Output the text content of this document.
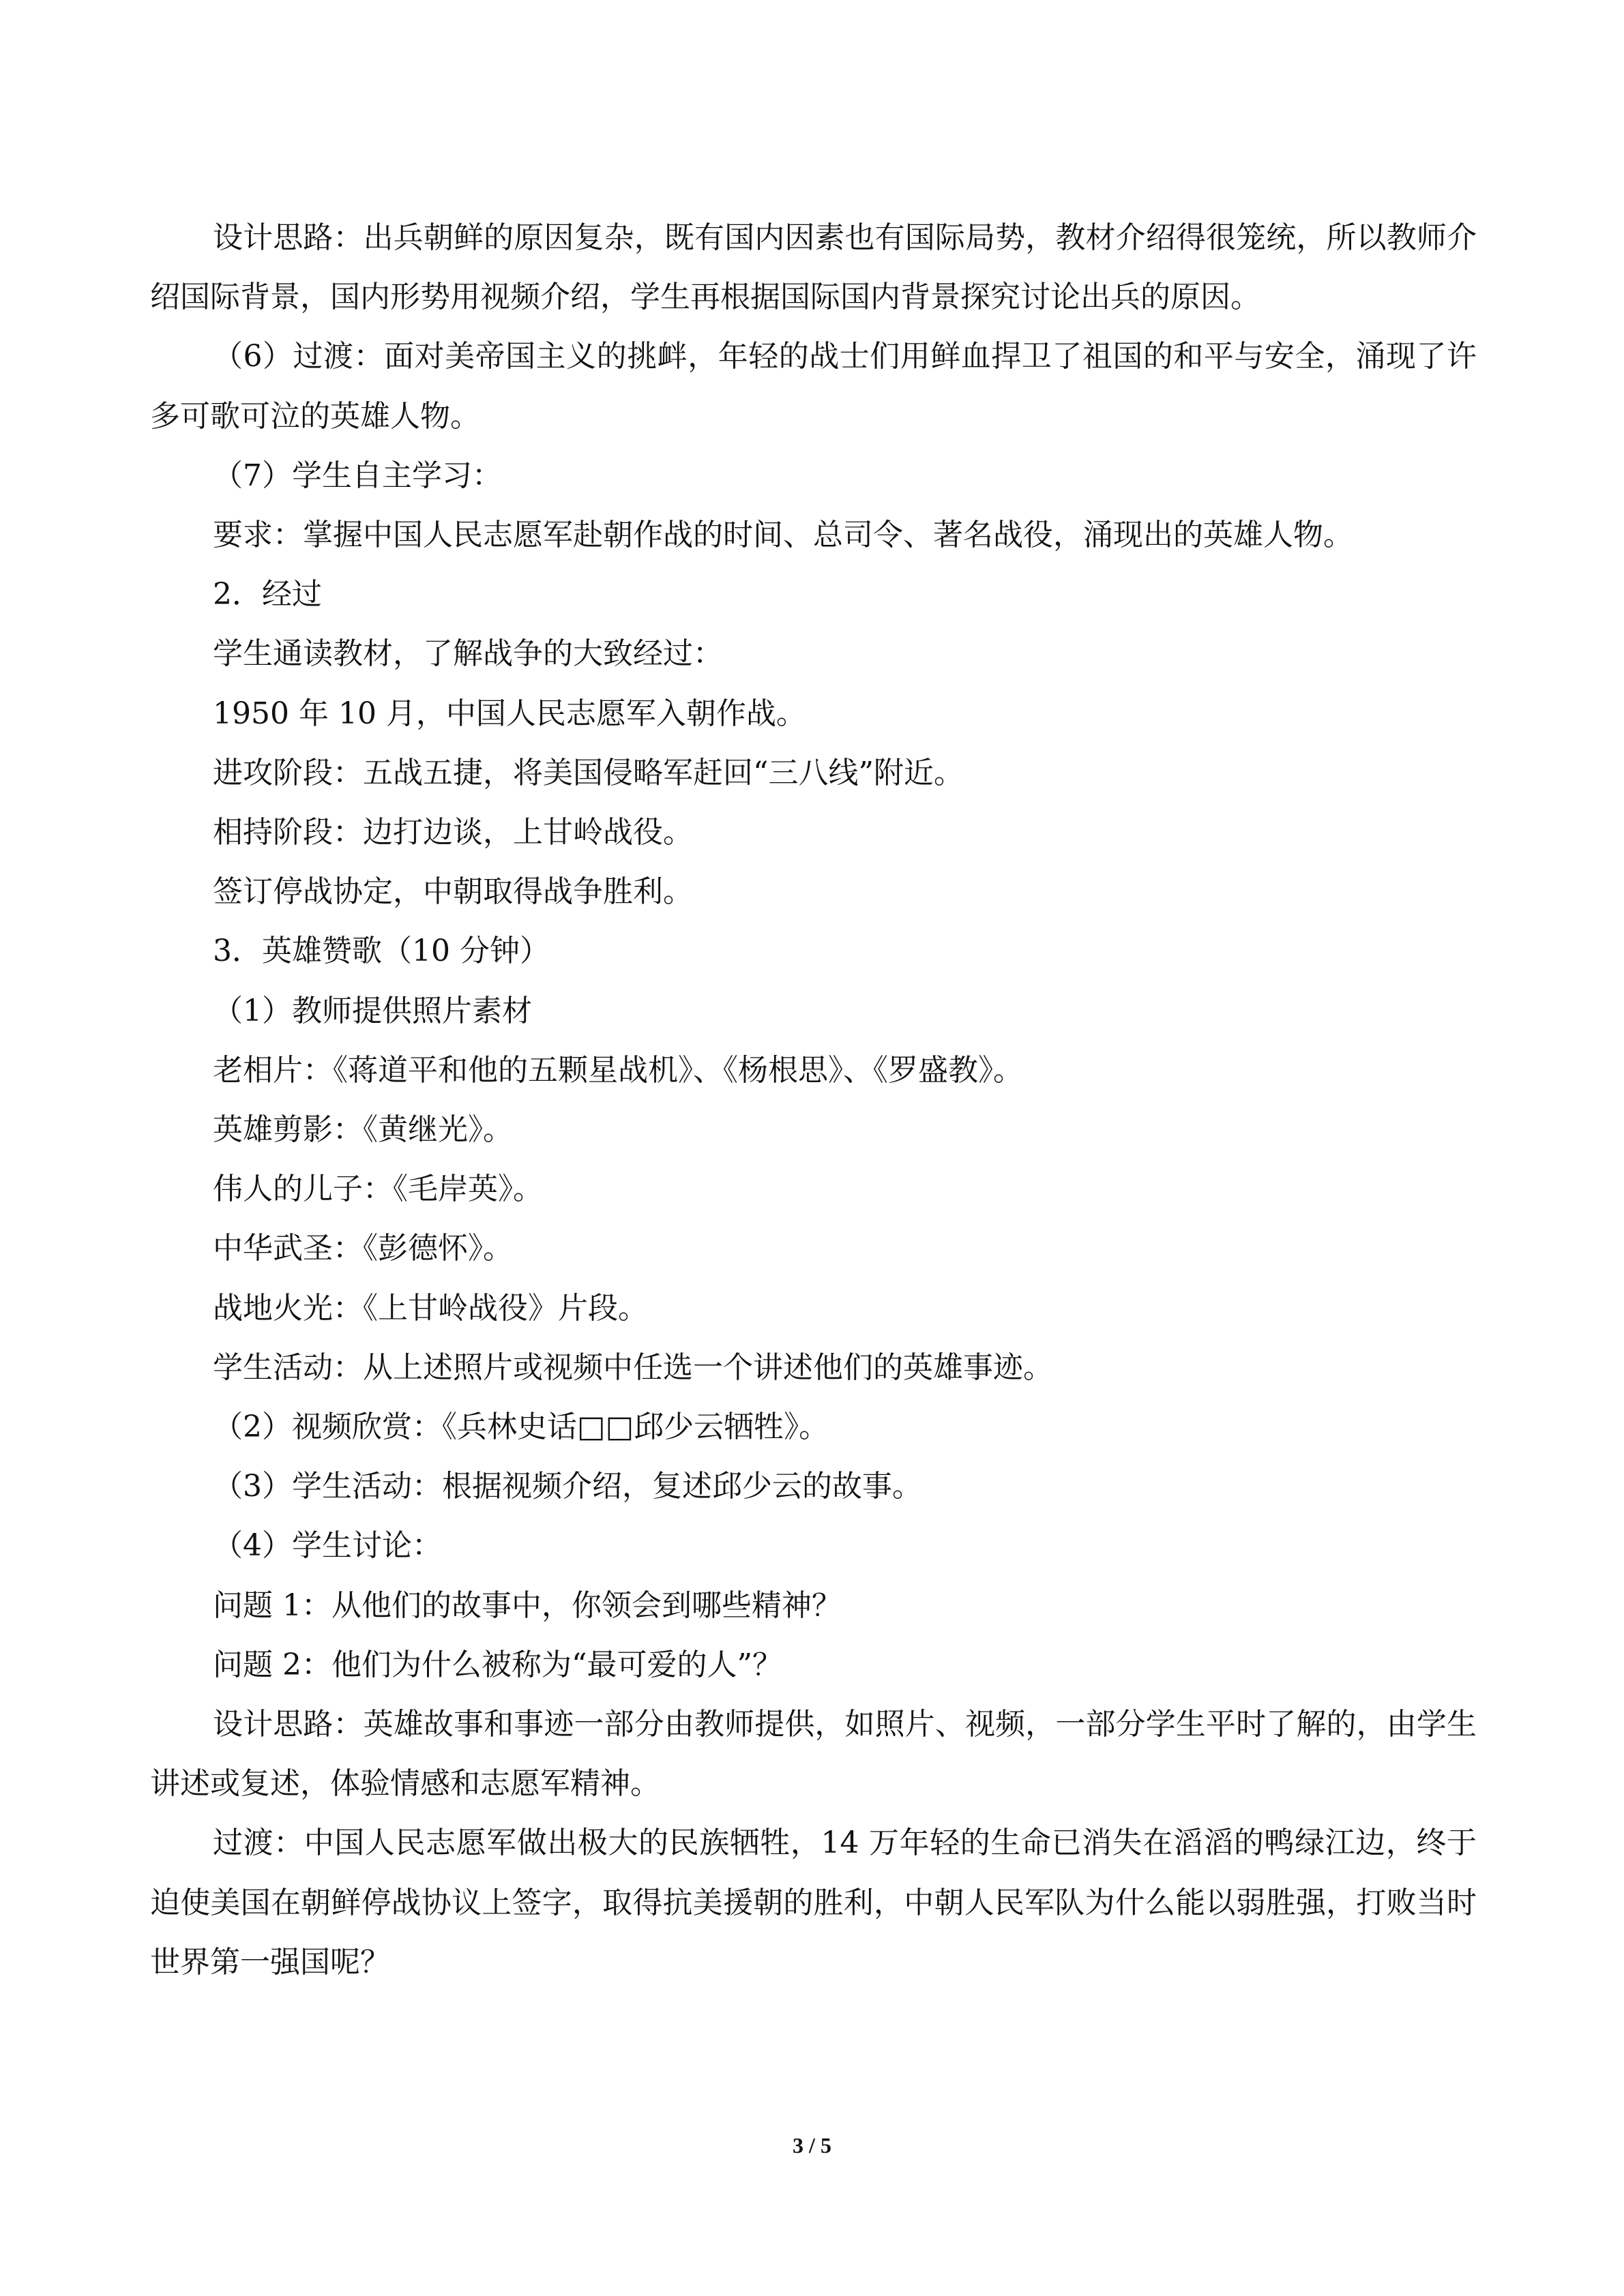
设计思路：出兵朝鲜的原因复杂，既有国内因素也有国际局势，教材介绍得很笼统，所以教师介绍国际背景，国内形势用视频介绍，学生再根据国际国内背景探究讨论出兵的原因。

（6）过渡：面对美帝国主义的挑衅，年轻的战士们用鲜血捍卫了祖国的和平与安全，涌现了许多可歌可泣的英雄人物。

（7）学生自主学习：

要求：掌握中国人民志愿军赴朝作战的时间、总司令、著名战役，涌现出的英雄人物。

2．经过

学生通读教材，了解战争的大致经过：

1950 年 10 月，中国人民志愿军入朝作战。

进攻阶段：五战五捷，将美国侵略军赶回“三八线”附近。

相持阶段：边打边谈，上甘岭战役。

签订停战协定，中朝取得战争胜利。

3．英雄赞歌（10 分钟）

（1）教师提供照片素材

老相片：《蒋道平和他的五颗星战机》、《杨根思》、《罗盛教》。

英雄剪影：《黄继光》。

伟人的儿子：《毛岸英》。

中华武圣：《彭德怀》。

战地火光：《上甘岭战役》片段。

学生活动：从上述照片或视频中任选一个讲述他们的英雄事迹。

（2）视频欣赏：《兵林史话□□邱少云牺牲》。

（3）学生活动：根据视频介绍，复述邱少云的故事。

（4）学生讨论：

问题 1：从他们的故事中，你领会到哪些精神？

问题 2：他们为什么被称为“最可爱的人”？

设计思路：英雄故事和事迹一部分由教师提供，如照片、视频，一部分学生平时了解的，由学生讲述或复述，体验情感和志愿军精神。

过渡：中国人民志愿军做出极大的民族牺牲，14 万年轻的生命已消失在滔滔的鸭绿江边，终于迫使美国在朝鲜停战协议上签字，取得抗美援朝的胜利，中朝人民军队为什么能以弱胜强，打败当时世界第一强国呢？

3 / 5
